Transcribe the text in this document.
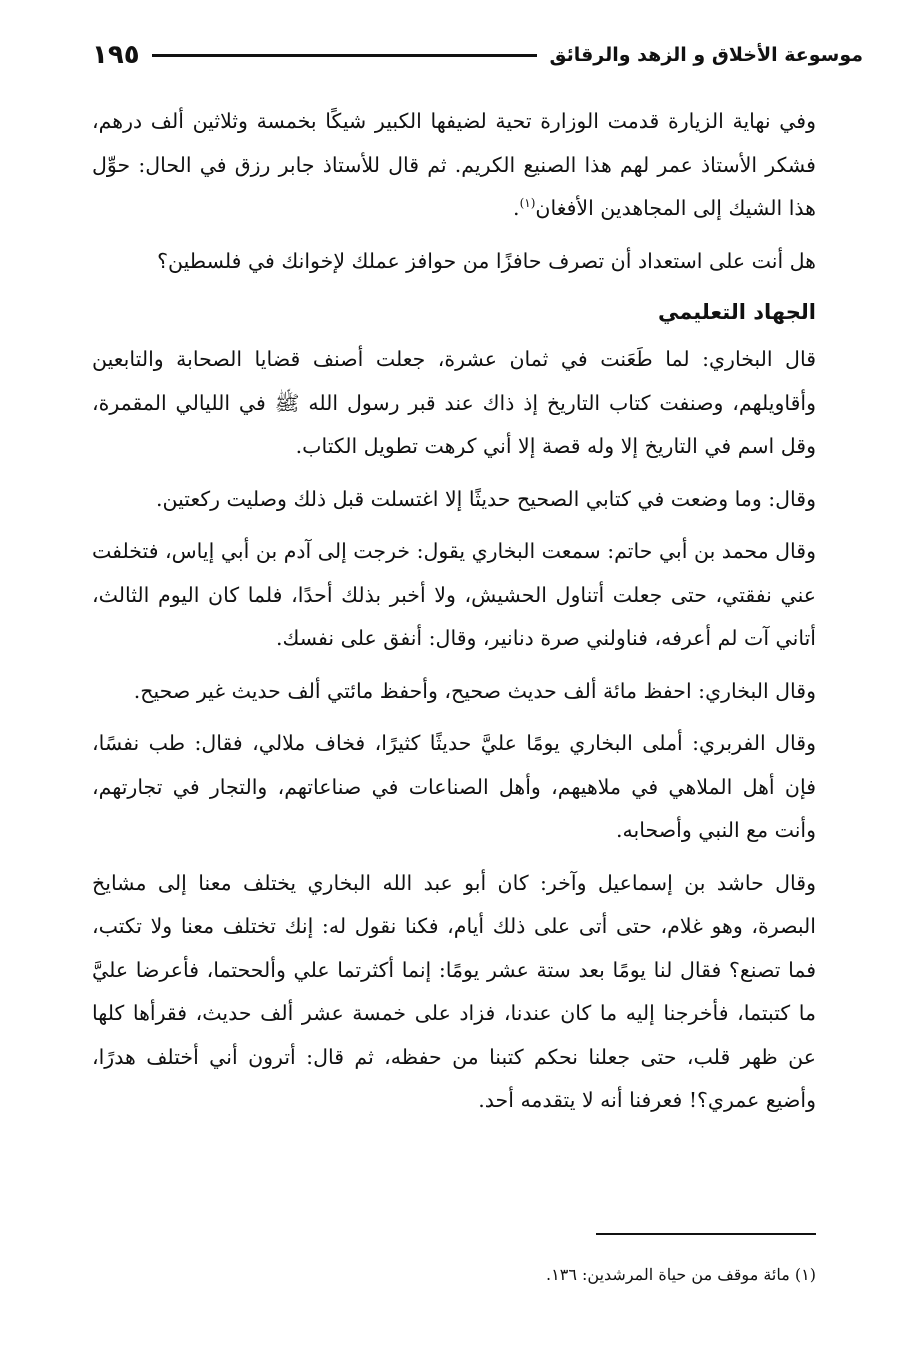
موسوعة الأخلاق و الزهد والرقائق
١٩٥

وفي نهاية الزيارة قدمت الوزارة تحية لضيفها الكبير شيكًا بخمسة وثلاثين ألف درهم، فشكر الأستاذ عمر لهم هذا الصنيع الكريم. ثم قال للأستاذ جابر رزق في الحال: حوِّل هذا الشيك إلى المجاهدين الأفغان$^{(١)}$.

هل أنت على استعداد أن تصرف حافزًا من حوافز عملك لإخوانك في فلسطين؟

الجهاد التعليمي

قال البخاري: لما طَعَنت في ثمان عشرة، جعلت أصنف قضايا الصحابة والتابعين وأقاويلهم، وصنفت كتاب التاريخ إذ ذاك عند قبر رسول الله ﷺ في الليالي المقمرة، وقل اسم في التاريخ إلا وله قصة إلا أني كرهت تطويل الكتاب.

وقال: وما وضعت في كتابي الصحيح حديثًا إلا اغتسلت قبل ذلك وصليت ركعتين.

وقال محمد بن أبي حاتم: سمعت البخاري يقول: خرجت إلى آدم بن أبي إياس، فتخلفت عني نفقتي، حتى جعلت أتناول الحشيش، ولا أخبر بذلك أحدًا، فلما كان اليوم الثالث، أتاني آت لم أعرفه، فناولني صرة دنانير، وقال: أنفق على نفسك.

وقال البخاري: احفظ مائة ألف حديث صحيح، وأحفظ مائتي ألف حديث غير صحيح.

وقال الفربري: أملى البخاري يومًا عليَّ حديثًا كثيرًا، فخاف ملالي، فقال: طب نفسًا، فإن أهل الملاهي في ملاهيهم، وأهل الصناعات في صناعاتهم، والتجار في تجارتهم، وأنت مع النبي وأصحابه.

وقال حاشد بن إسماعيل وآخر: كان أبو عبد الله البخاري يختلف معنا إلى مشايخ البصرة، وهو غلام، حتى أتى على ذلك أيام، فكنا نقول له: إنك تختلف معنا ولا تكتب، فما تصنع؟ فقال لنا يومًا بعد ستة عشر يومًا: إنما أكثرتما علي وألححتما، فأعرضا عليَّ ما كتبتما، فأخرجنا إليه ما كان عندنا، فزاد على خمسة عشر ألف حديث، فقرأها كلها عن ظهر قلب، حتى جعلنا نحكم كتبنا من حفظه، ثم قال: أترون أني أختلف هدرًا، وأضيع عمري؟! فعرفنا أنه لا يتقدمه أحد.

(١) مائة موقف من حياة المرشدين: ١٣٦.
